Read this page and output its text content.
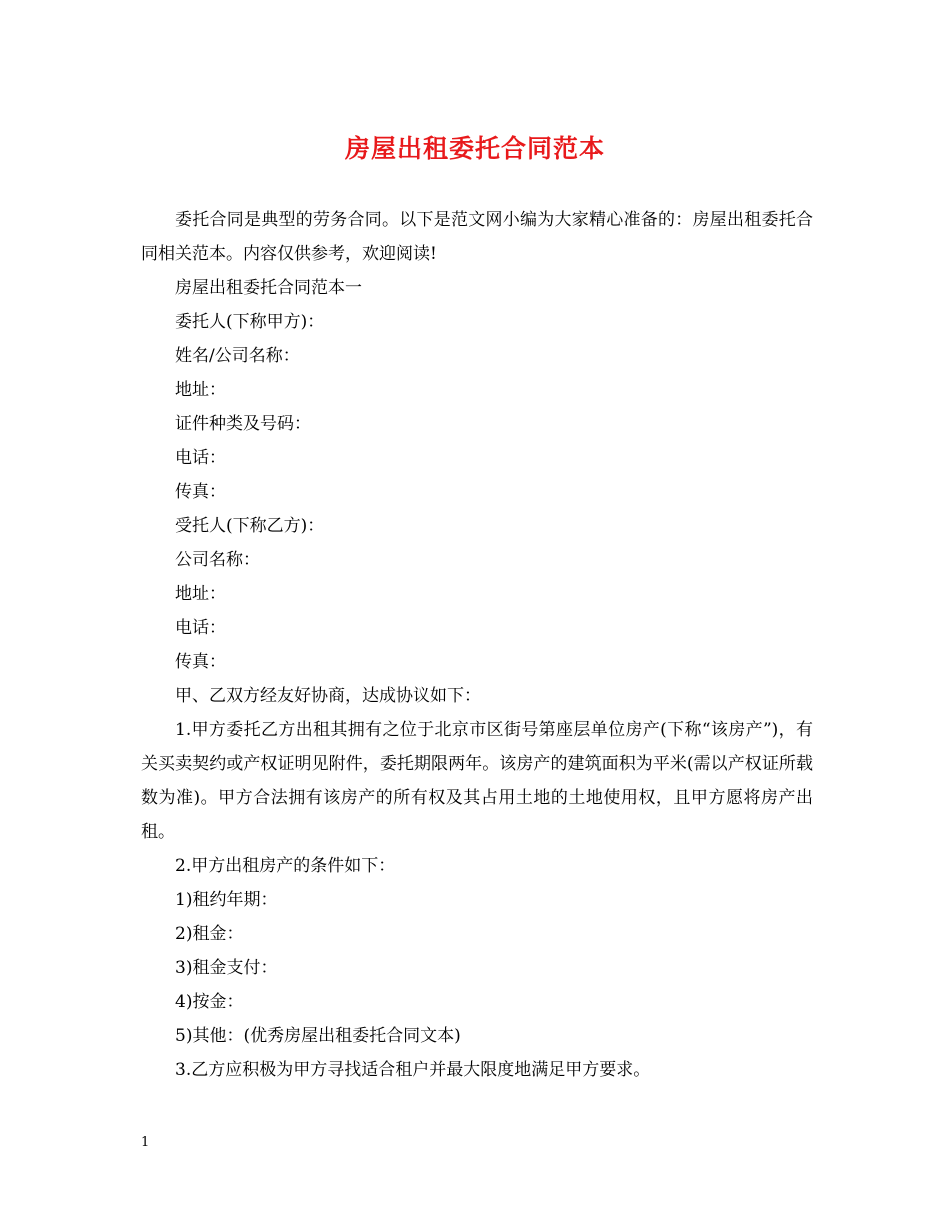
房屋出租委托合同范本

委托合同是典型的劳务合同。以下是范文网小编为大家精心准备的：房屋出租委托合同相关范本。内容仅供参考，欢迎阅读!

房屋出租委托合同范本一

委托人(下称甲方)：

姓名/公司名称：

地址：

证件种类及号码：

电话：

传真：

受托人(下称乙方)：

公司名称：

地址：

电话：

传真：

甲、乙双方经友好协商，达成协议如下：

1.甲方委托乙方出租其拥有之位于北京市区街号第座层单位房产(下称“该房产”)，有关买卖契约或产权证明见附件，委托期限两年。该房产的建筑面积为平米(需以产权证所载数为准)。甲方合法拥有该房产的所有权及其占用土地的土地使用权，且甲方愿将房产出租。

2.甲方出租房产的条件如下：

1)租约年期：

2)租金：

3)租金支付：

4)按金：

5)其他：(优秀房屋出租委托合同文本)

3.乙方应积极为甲方寻找适合租户并最大限度地满足甲方要求。

1
